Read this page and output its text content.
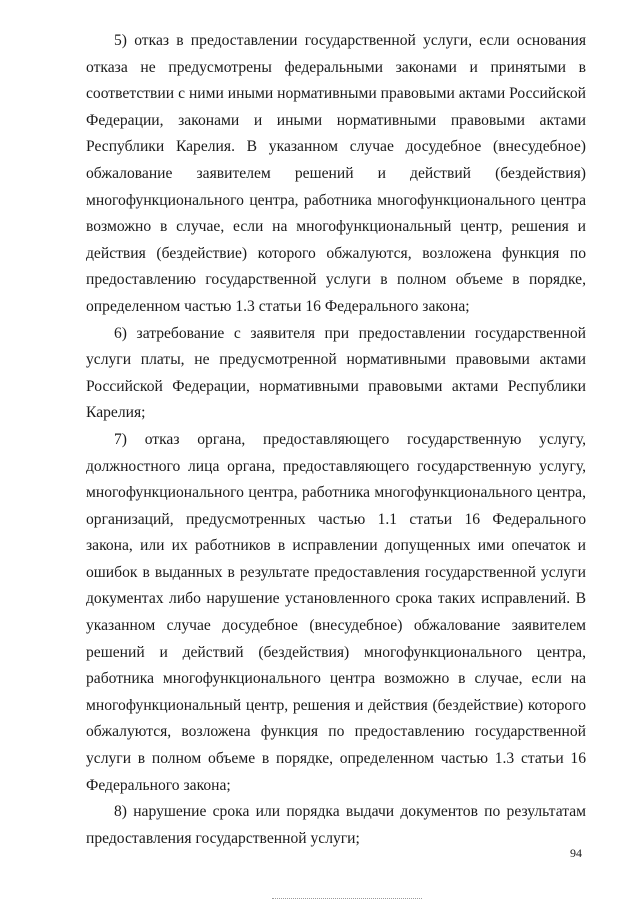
5) отказ в предоставлении государственной услуги, если основания отказа не предусмотрены федеральными законами и принятыми в соответствии с ними иными нормативными правовыми актами Российской Федерации, законами и иными нормативными правовыми актами Республики Карелия. В указанном случае досудебное (внесудебное) обжалование заявителем решений и действий (бездействия) многофункционального центра, работника многофункционального центра возможно в случае, если на многофункциональный центр, решения и действия (бездействие) которого обжалуются, возложена функция по предоставлению государственной услуги в полном объеме в порядке, определенном частью 1.3 статьи 16 Федерального закона;

6) затребование с заявителя при предоставлении государственной услуги платы, не предусмотренной нормативными правовыми актами Российской Федерации, нормативными правовыми актами Республики Карелия;

7) отказ органа, предоставляющего государственную услугу, должностного лица органа, предоставляющего государственную услугу, многофункционального центра, работника многофункционального центра, организаций, предусмотренных частью 1.1 статьи 16 Федерального закона, или их работников в исправлении допущенных ими опечаток и ошибок в выданных в результате предоставления государственной услуги документах либо нарушение установленного срока таких исправлений. В указанном случае досудебное (внесудебное) обжалование заявителем решений и действий (бездействия) многофункционального центра, работника многофункционального центра возможно в случае, если на многофункциональный центр, решения и действия (бездействие) которого обжалуются, возложена функция по предоставлению государственной услуги в полном объеме в порядке, определенном частью 1.3 статьи 16 Федерального закона;

8) нарушение срока или порядка выдачи документов по результатам предоставления государственной услуги;

94
